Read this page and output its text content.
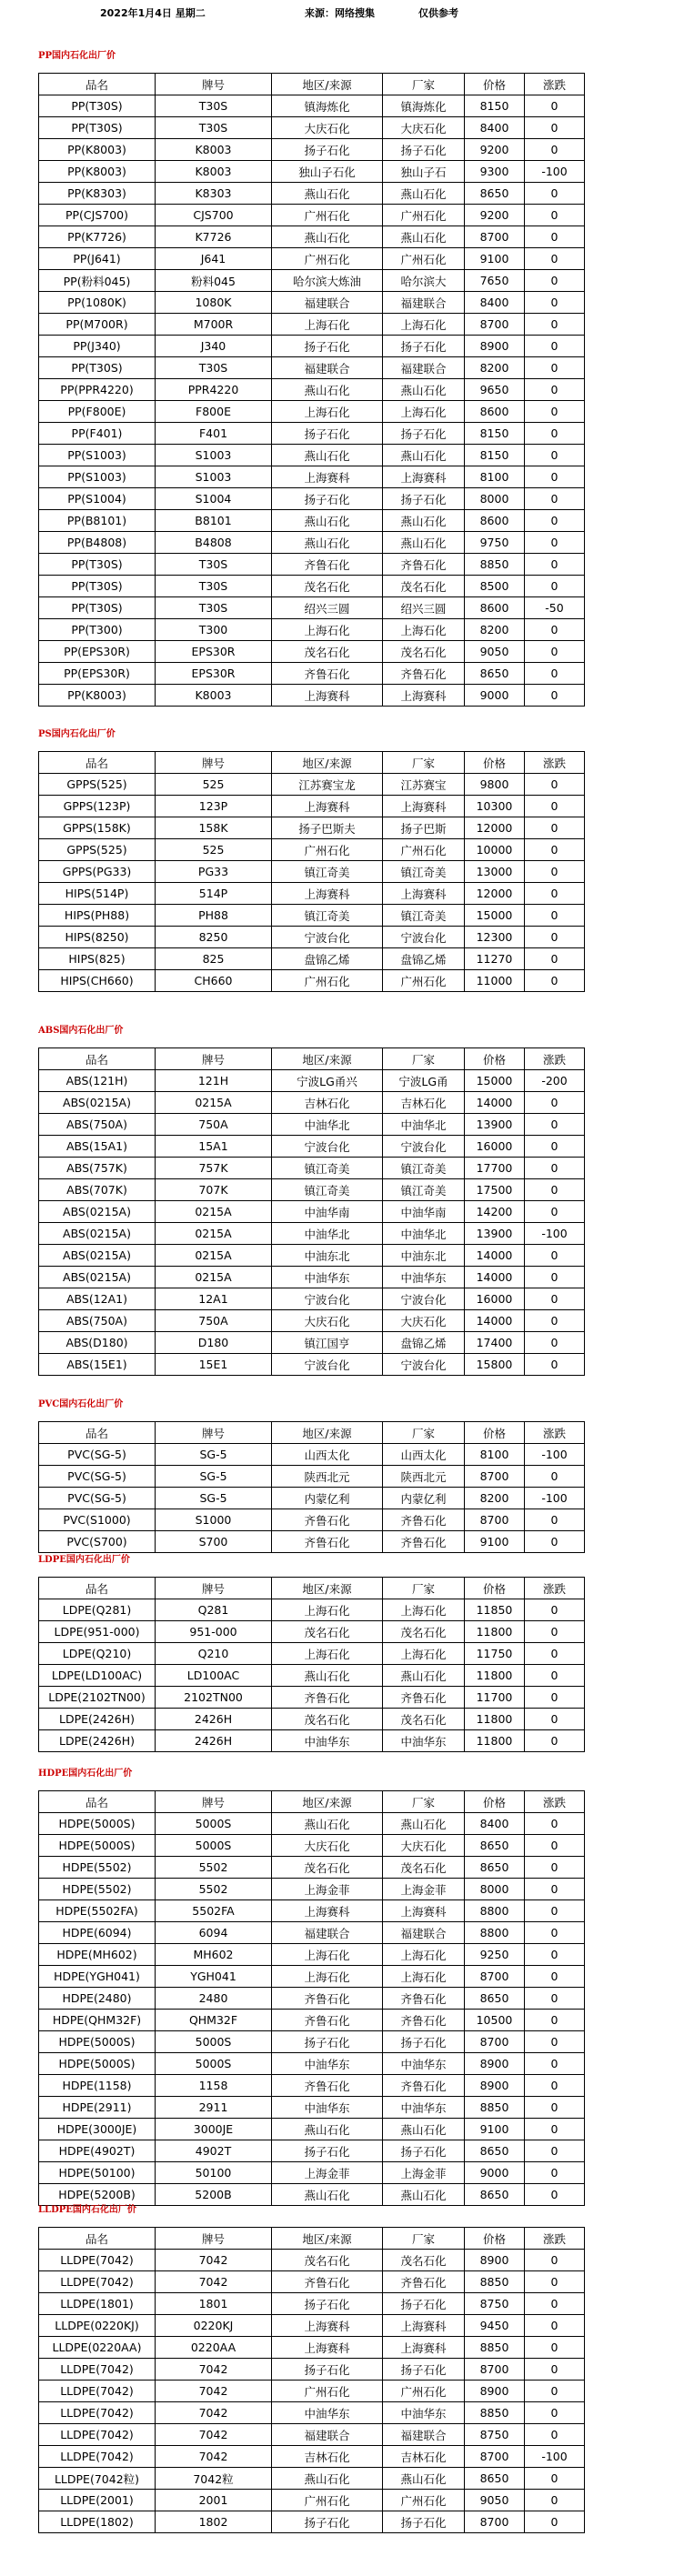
2022年1月4日 星期二	来源：网络搜集	仅供参考
PP国内石化出厂价
品名	牌号	地区/来源	厂家	价格	涨跌
PP(T30S)	T30S	镇海炼化	镇海炼化	8150	0
PP(T30S)	T30S	大庆石化	大庆石化	8400	0
PP(K8003)	K8003	扬子石化	扬子石化	9200	0
PP(K8003)	K8003	独山子石化	独山子石	9300	-100
PP(K8303)	K8303	燕山石化	燕山石化	8650	0
PP(CJS700)	CJS700	广州石化	广州石化	9200	0
PP(K7726)	K7726	燕山石化	燕山石化	8700	0
PP(J641)	J641	广州石化	广州石化	9100	0
PP(粉料045)	粉料045	哈尔滨大炼油	哈尔滨大	7650	0
PP(1080K)	1080K	福建联合	福建联合	8400	0
PP(M700R)	M700R	上海石化	上海石化	8700	0
PP(J340)	J340	扬子石化	扬子石化	8900	0
PP(T30S)	T30S	福建联合	福建联合	8200	0
PP(PPR4220)	PPR4220	燕山石化	燕山石化	9650	0
PP(F800E)	F800E	上海石化	上海石化	8600	0
PP(F401)	F401	扬子石化	扬子石化	8150	0
PP(S1003)	S1003	燕山石化	燕山石化	8150	0
PP(S1003)	S1003	上海赛科	上海赛科	8100	0
PP(S1004)	S1004	扬子石化	扬子石化	8000	0
PP(B8101)	B8101	燕山石化	燕山石化	8600	0
PP(B4808)	B4808	燕山石化	燕山石化	9750	0
PP(T30S)	T30S	齐鲁石化	齐鲁石化	8850	0
PP(T30S)	T30S	茂名石化	茂名石化	8500	0
PP(T30S)	T30S	绍兴三圆	绍兴三圆	8600	-50
PP(T300)	T300	上海石化	上海石化	8200	0
PP(EPS30R)	EPS30R	茂名石化	茂名石化	9050	0
PP(EPS30R)	EPS30R	齐鲁石化	齐鲁石化	8650	0
PP(K8003)	K8003	上海赛科	上海赛科	9000	0
PS国内石化出厂价
品名	牌号	地区/来源	厂家	价格	涨跌
GPPS(525)	525	江苏赛宝龙	江苏赛宝	9800	0
GPPS(123P)	123P	上海赛科	上海赛科	10300	0
GPPS(158K)	158K	扬子巴斯夫	扬子巴斯	12000	0
GPPS(525)	525	广州石化	广州石化	10000	0
GPPS(PG33)	PG33	镇江奇美	镇江奇美	13000	0
HIPS(514P)	514P	上海赛科	上海赛科	12000	0
HIPS(PH88)	PH88	镇江奇美	镇江奇美	15000	0
HIPS(8250)	8250	宁波台化	宁波台化	12300	0
HIPS(825)	825	盘锦乙烯	盘锦乙烯	11270	0
HIPS(CH660)	CH660	广州石化	广州石化	11000	0
ABS国内石化出厂价
品名	牌号	地区/来源	厂家	价格	涨跌
ABS(121H)	121H	宁波LG甬兴	宁波LG甬	15000	-200
ABS(0215A)	0215A	吉林石化	吉林石化	14000	0
ABS(750A)	750A	中油华北	中油华北	13900	0
ABS(15A1)	15A1	宁波台化	宁波台化	16000	0
ABS(757K)	757K	镇江奇美	镇江奇美	17700	0
ABS(707K)	707K	镇江奇美	镇江奇美	17500	0
ABS(0215A)	0215A	中油华南	中油华南	14200	0
ABS(0215A)	0215A	中油华北	中油华北	13900	-100
ABS(0215A)	0215A	中油东北	中油东北	14000	0
ABS(0215A)	0215A	中油华东	中油华东	14000	0
ABS(12A1)	12A1	宁波台化	宁波台化	16000	0
ABS(750A)	750A	大庆石化	大庆石化	14000	0
ABS(D180)	D180	镇江国亨	盘锦乙烯	17400	0
ABS(15E1)	15E1	宁波台化	宁波台化	15800	0
PVC国内石化出厂价
品名	牌号	地区/来源	厂家	价格	涨跌
PVC(SG-5)	SG-5	山西太化	山西太化	8100	-100
PVC(SG-5)	SG-5	陕西北元	陕西北元	8700	0
PVC(SG-5)	SG-5	内蒙亿利	内蒙亿利	8200	-100
PVC(S1000)	S1000	齐鲁石化	齐鲁石化	8700	0
PVC(S700)	S700	齐鲁石化	齐鲁石化	9100	0
LDPE国内石化出厂价
品名	牌号	地区/来源	厂家	价格	涨跌
LDPE(Q281)	Q281	上海石化	上海石化	11850	0
LDPE(951-000)	951-000	茂名石化	茂名石化	11800	0
LDPE(Q210)	Q210	上海石化	上海石化	11750	0
LDPE(LD100AC)	LD100AC	燕山石化	燕山石化	11800	0
LDPE(2102TN00)	2102TN00	齐鲁石化	齐鲁石化	11700	0
LDPE(2426H)	2426H	茂名石化	茂名石化	11800	0
LDPE(2426H)	2426H	中油华东	中油华东	11800	0
HDPE国内石化出厂价
品名	牌号	地区/来源	厂家	价格	涨跌
HDPE(5000S)	5000S	燕山石化	燕山石化	8400	0
HDPE(5000S)	5000S	大庆石化	大庆石化	8650	0
HDPE(5502)	5502	茂名石化	茂名石化	8650	0
HDPE(5502)	5502	上海金菲	上海金菲	8000	0
HDPE(5502FA)	5502FA	上海赛科	上海赛科	8800	0
HDPE(6094)	6094	福建联合	福建联合	8800	0
HDPE(MH602)	MH602	上海石化	上海石化	9250	0
HDPE(YGH041)	YGH041	上海石化	上海石化	8700	0
HDPE(2480)	2480	齐鲁石化	齐鲁石化	8650	0
HDPE(QHM32F)	QHM32F	齐鲁石化	齐鲁石化	10500	0
HDPE(5000S)	5000S	扬子石化	扬子石化	8700	0
HDPE(5000S)	5000S	中油华东	中油华东	8900	0
HDPE(1158)	1158	齐鲁石化	齐鲁石化	8900	0
HDPE(2911)	2911	中油华东	中油华东	8850	0
HDPE(3000JE)	3000JE	燕山石化	燕山石化	9100	0
HDPE(4902T)	4902T	扬子石化	扬子石化	8650	0
HDPE(50100)	50100	上海金菲	上海金菲	9000	0
HDPE(5200B)	5200B	燕山石化	燕山石化	8650	0
LLDPE国内石化出厂价
品名	牌号	地区/来源	厂家	价格	涨跌
LLDPE(7042)	7042	茂名石化	茂名石化	8900	0
LLDPE(7042)	7042	齐鲁石化	齐鲁石化	8850	0
LLDPE(1801)	1801	扬子石化	扬子石化	8750	0
LLDPE(0220KJ)	0220KJ	上海赛科	上海赛科	9450	0
LLDPE(0220AA)	0220AA	上海赛科	上海赛科	8850	0
LLDPE(7042)	7042	扬子石化	扬子石化	8700	0
LLDPE(7042)	7042	广州石化	广州石化	8900	0
LLDPE(7042)	7042	中油华东	中油华东	8850	0
LLDPE(7042)	7042	福建联合	福建联合	8750	0
LLDPE(7042)	7042	吉林石化	吉林石化	8700	-100
LLDPE(7042粒)	7042粒	燕山石化	燕山石化	8650	0
LLDPE(2001)	2001	广州石化	广州石化	9050	0
LLDPE(1802)	1802	扬子石化	扬子石化	8700	0
